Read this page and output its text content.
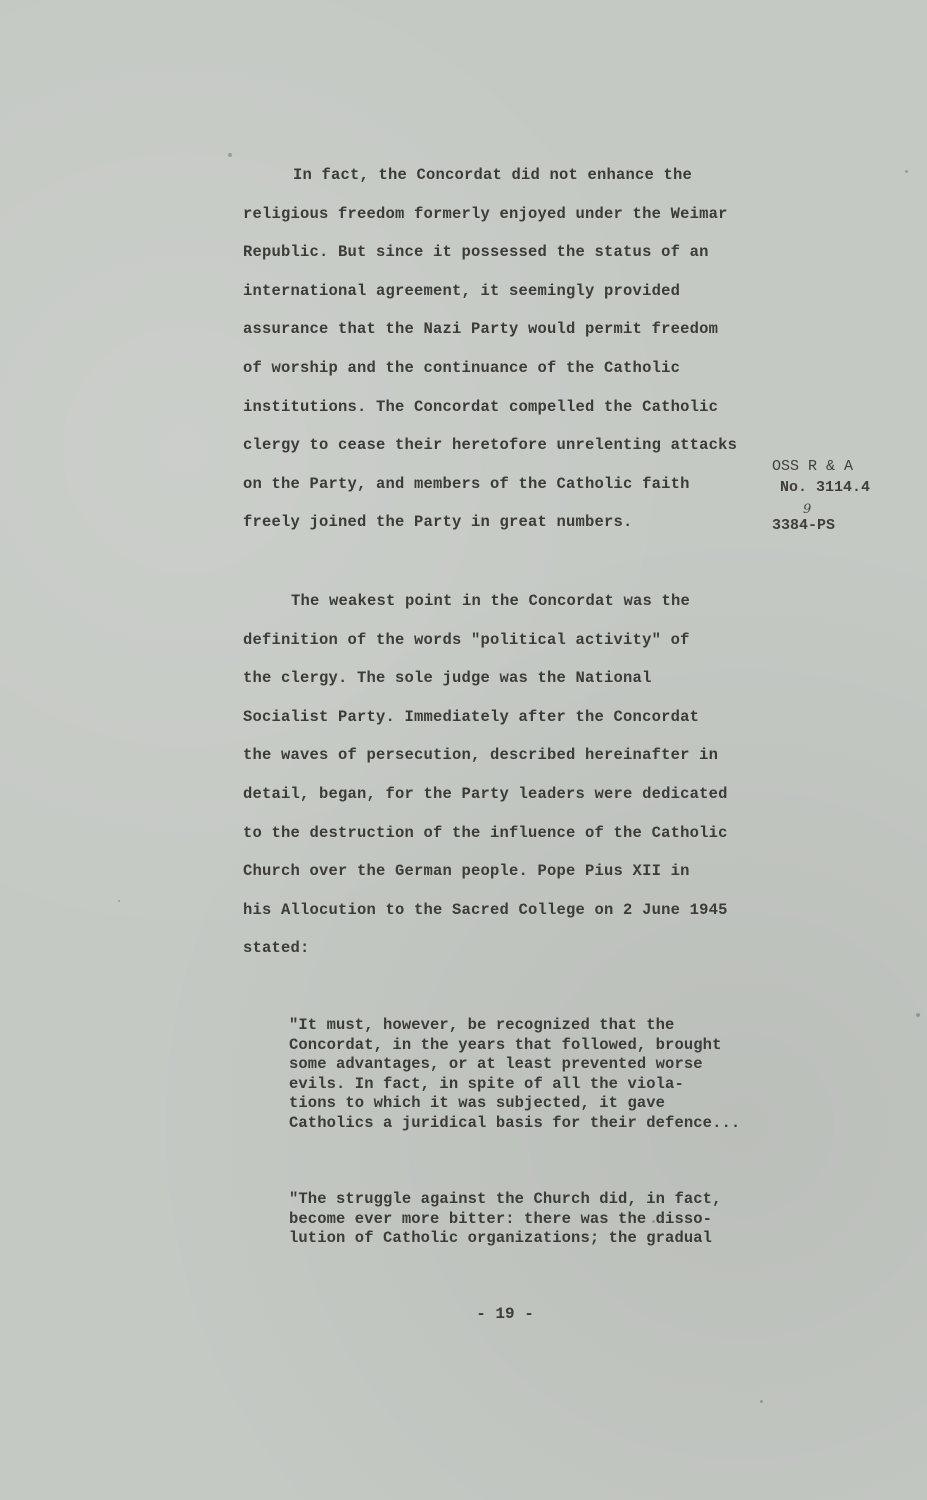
In fact, the Concordat did not enhance the
religious freedom formerly enjoyed under the Weimar
Republic. But since it possessed the status of an
international agreement, it seemingly provided
assurance that the Nazi Party would permit freedom
of worship and the continuance of the Catholic
institutions. The Concordat compelled the Catholic
clergy to cease their heretofore unrelenting attacks
on the Party, and members of the Catholic faith
freely joined the Party in great numbers.
OSS R & A
No. 3114.4
9
3384-PS
The weakest point in the Concordat was the
definition of the words "political activity" of
the clergy. The sole judge was the National
Socialist Party. Immediately after the Concordat
the waves of persecution, described hereinafter in
detail, began, for the Party leaders were dedicated
to the destruction of the influence of the Catholic
Church over the German people. Pope Pius XII in
his Allocution to the Sacred College on 2 June 1945
stated:
"It must, however, be recognized that the
Concordat, in the years that followed, brought
some advantages, or at least prevented worse
evils. In fact, in spite of all the viola-
tions to which it was subjected, it gave
Catholics a juridical basis for their defence...
"The struggle against the Church did, in fact,
become ever more bitter: there was the disso-
lution of Catholic organizations; the gradual
- 19 -
